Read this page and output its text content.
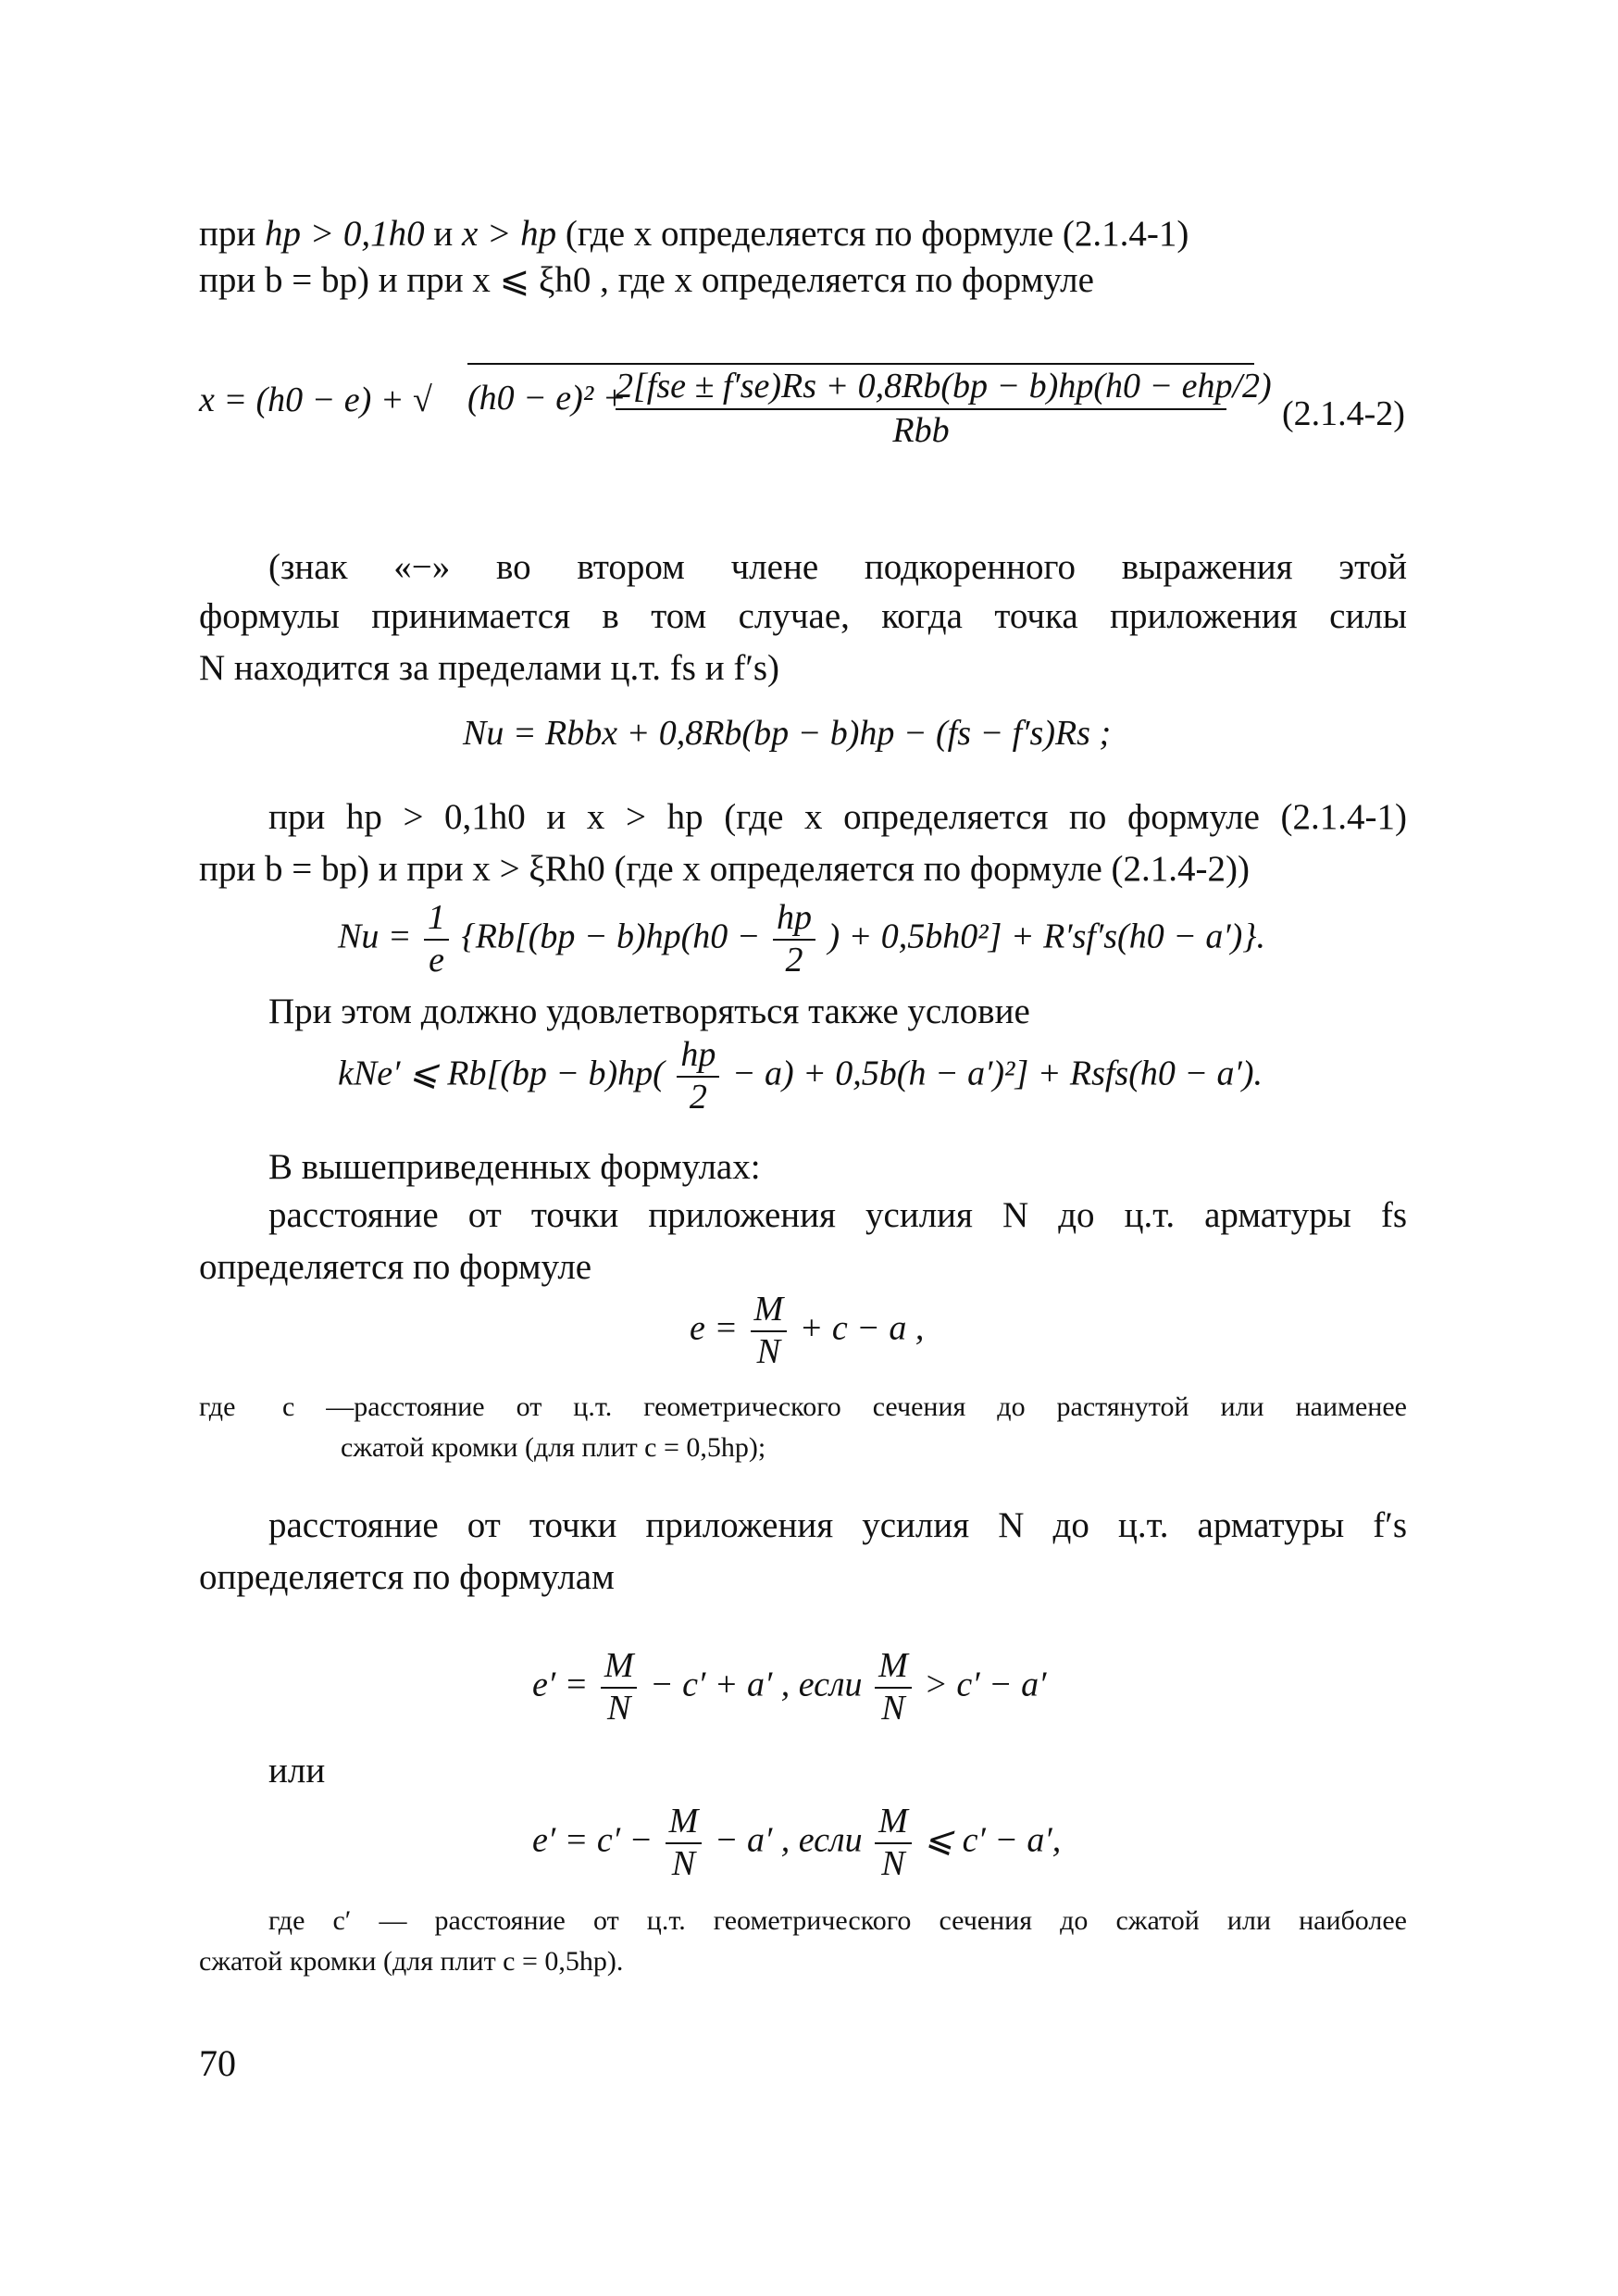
при hp > 0,1h0 и x > hp (где x определяется по формуле (2.1.4-1)
при b = bp) и при x ⩽ ξh0 , где x определяется по формуле
x = (h0 − e) + √ (h0 − e)² +
2[fse ± f′se)Rs + 0,8Rb(bp − b)hp(h0 − ehp/2)
Rbb	(2.1.4-2)
(знак «−» во втором члене подкоренного выражения этой
формулы принимается в том случае, когда точка приложения силы
N находится за пределами ц.т. fs и f′s)
Nu = Rbbx + 0,8Rb(bp − b)hp − (fs − f′s)Rs ;
при hp > 0,1h0 и x > hp (где x определяется по формуле (2.1.4-1)
при b = bp) и при x > ξRh0 (где x определяется по формуле (2.1.4-2))
$Nu = \frac{1}{e} \{Rb[(bp - b)hp(h0 - \frac{hp}{2}$ ) + 0,5bh0²] + R′sf′s(h0 − a′)}.
При этом должно удовлетворяться также условие
kNe′ ⩽ $Rb[(bp - b)hp( \frac{hp}{2} - a) + 0,5b(h - a')^2]$ + Rsfs(h0 − a′).
В вышеприведенных формулах:
расстояние от точки приложения усилия N до ц.т. арматуры fs
определяется по формуле
$e = \frac{M}{N} + c - a$ ,
где c —расстояние от ц.т. геометрического сечения до растянутой или наименее
сжатой кромки (для плит c = 0,5hp);
расстояние от точки приложения усилия N до ц.т. арматуры f′s
определяется по формулам
$e' = \frac{M}{N} - c' + a'$ , если $\frac{M}{N} > c' - a'$
или
$e' = c' - \frac{M}{N} - a'$ , если $\frac{M}{N}$ ⩽ c′ − a′,
где c′ — расстояние от ц.т. геометрического сечения до сжатой или наиболее
сжатой кромки (для плит c = 0,5hp).
70
